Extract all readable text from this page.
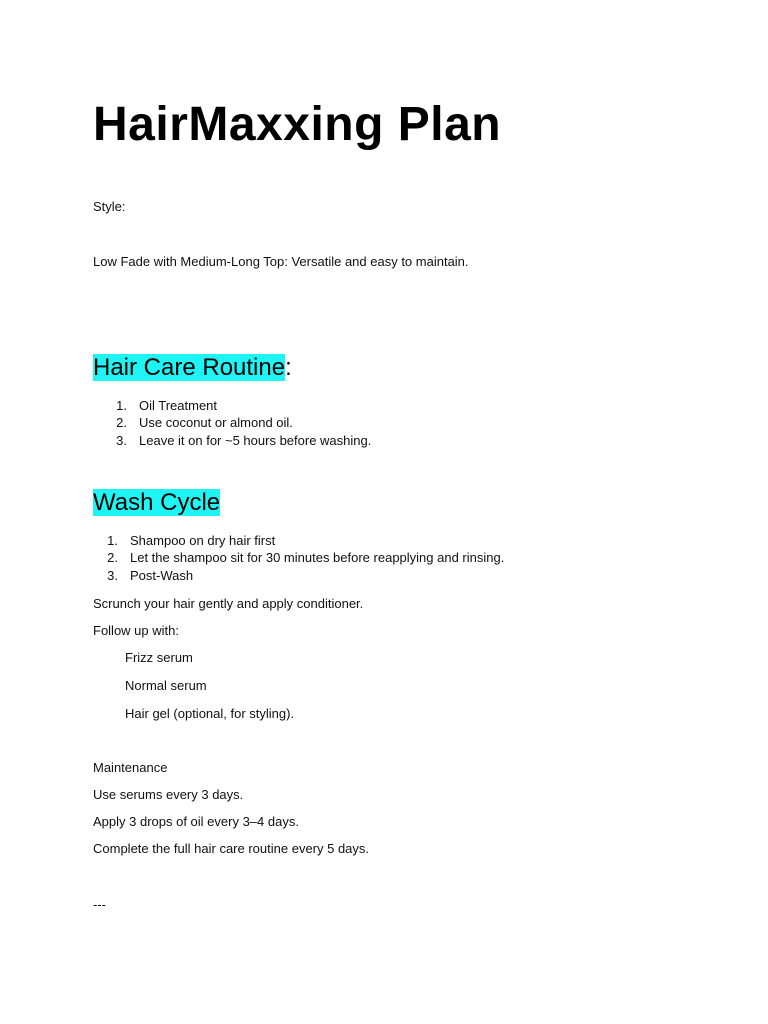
HairMaxxing Plan
Style:
Low Fade with Medium-Long Top: Versatile and easy to maintain.
Hair Care Routine:
1. Oil Treatment
2. Use coconut or almond oil.
3. Leave it on for ~5 hours before washing.
Wash Cycle
1. Shampoo on dry hair first
2. Let the shampoo sit for 30 minutes before reapplying and rinsing.
3. Post-Wash
Scrunch your hair gently and apply conditioner.
Follow up with:
Frizz serum
Normal serum
Hair gel (optional, for styling).
Maintenance
Use serums every 3 days.
Apply 3 drops of oil every 3–4 days.
Complete the full hair care routine every 5 days.
---
